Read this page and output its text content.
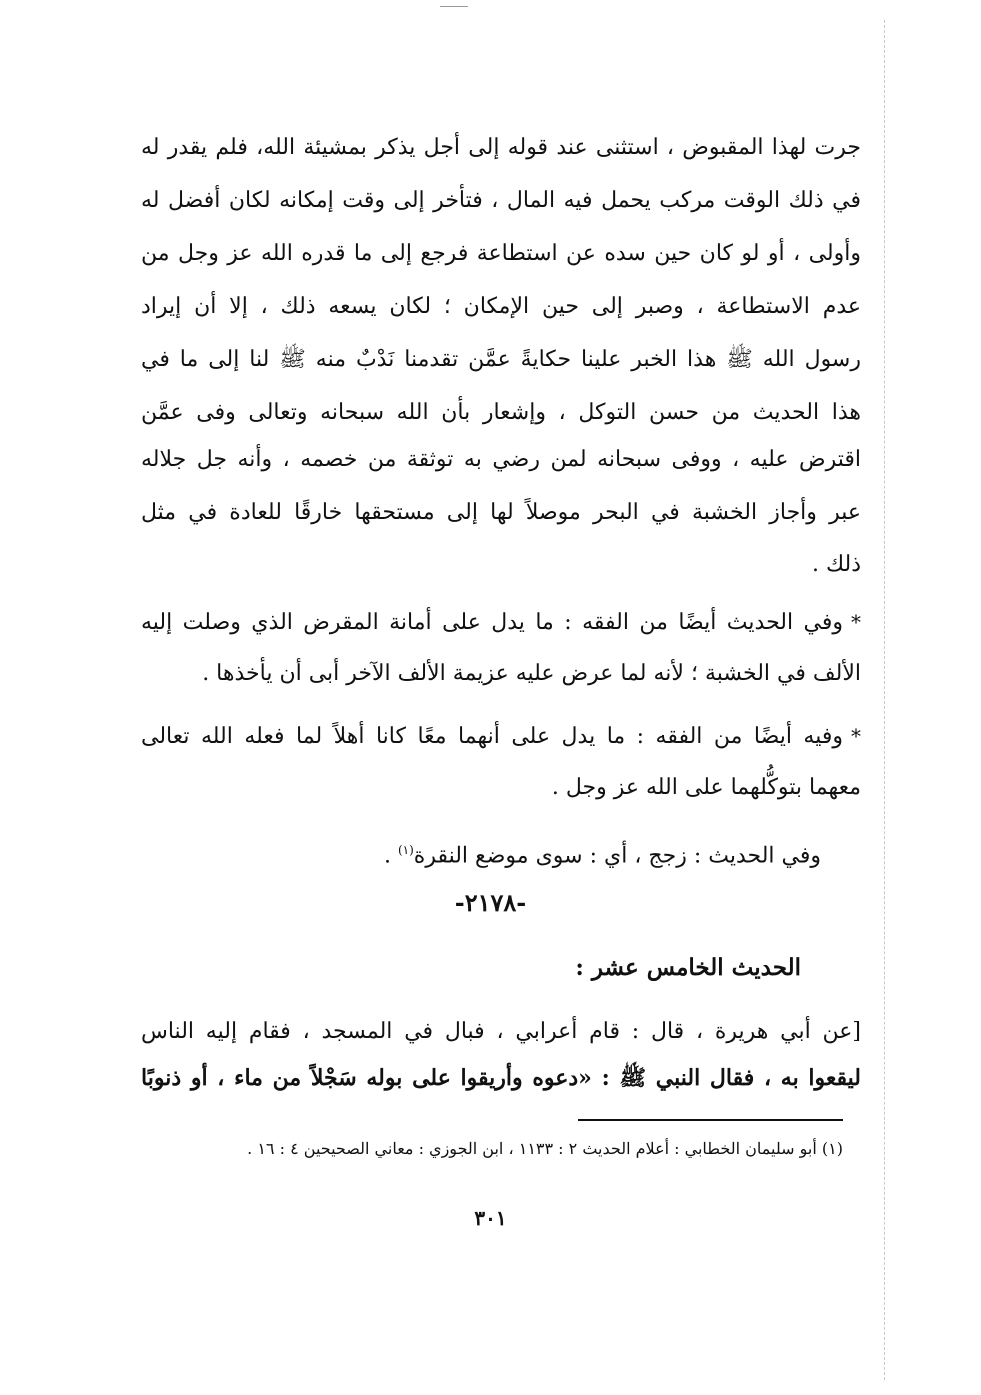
جرت لهذا المقبوض ، استثنى عند قوله إلى أجل يذكر بمشيئة الله، فلم يقدر له
في ذلك الوقت مركب يحمل فيه المال ، فتأخر إلى وقت إمكانه لكان أفضل له
وأولى ، أو لو كان حين سده عن استطاعة فرجع إلى ما قدره الله عز وجل من
عدم الاستطاعة ، وصبر إلى حين الإمكان ؛ لكان يسعه ذلك ، إلا أن إيراد
رسول الله ﷺ هذا الخبر علينا حكايةً عمَّن تقدمنا نَدْبٌ منه ﷺ لنا إلى ما في
هذا الحديث من حسن التوكل ، وإشعار بأن الله سبحانه وتعالى وفى عمَّن
اقترض عليه ، ووفى سبحانه لمن رضي به توثقة من خصمه ، وأنه جل جلاله
عبر وأجاز الخشبة في البحر موصلاً لها إلى مستحقها خارقًا للعادة في مثل
ذلك .
*وفي الحديث أيضًا من الفقه : ما يدل على أمانة المقرض الذي وصلت إليه
الألف في الخشبة ؛ لأنه لما عرض عليه عزيمة الألف الآخر أبى أن يأخذها .
*وفيه أيضًا من الفقه : ما يدل على أنهما معًا كانا أهلاً لما فعله الله تعالى
معهما بتوكُّلهما على الله عز وجل .
وفي الحديث : زجج ، أي : سوى موضع النقرة$^{(١)}$ .
-٢١٧٨-
الحديث الخامس عشر :
[عن أبي هريرة ، قال : قام أعرابي ، فبال في المسجد ، فقام إليه الناس
ليقعوا به ، فقال النبي ﷺ : «دعوه وأريقوا على بوله سَجْلاً من ماء ، أو ذنوبًا
(١) أبو سليمان الخطابي : أعلام الحديث ٢ : ١١٣٣ ، ابن الجوزي : معاني الصحيحين ٤ : ١٦ .
٣٠١
